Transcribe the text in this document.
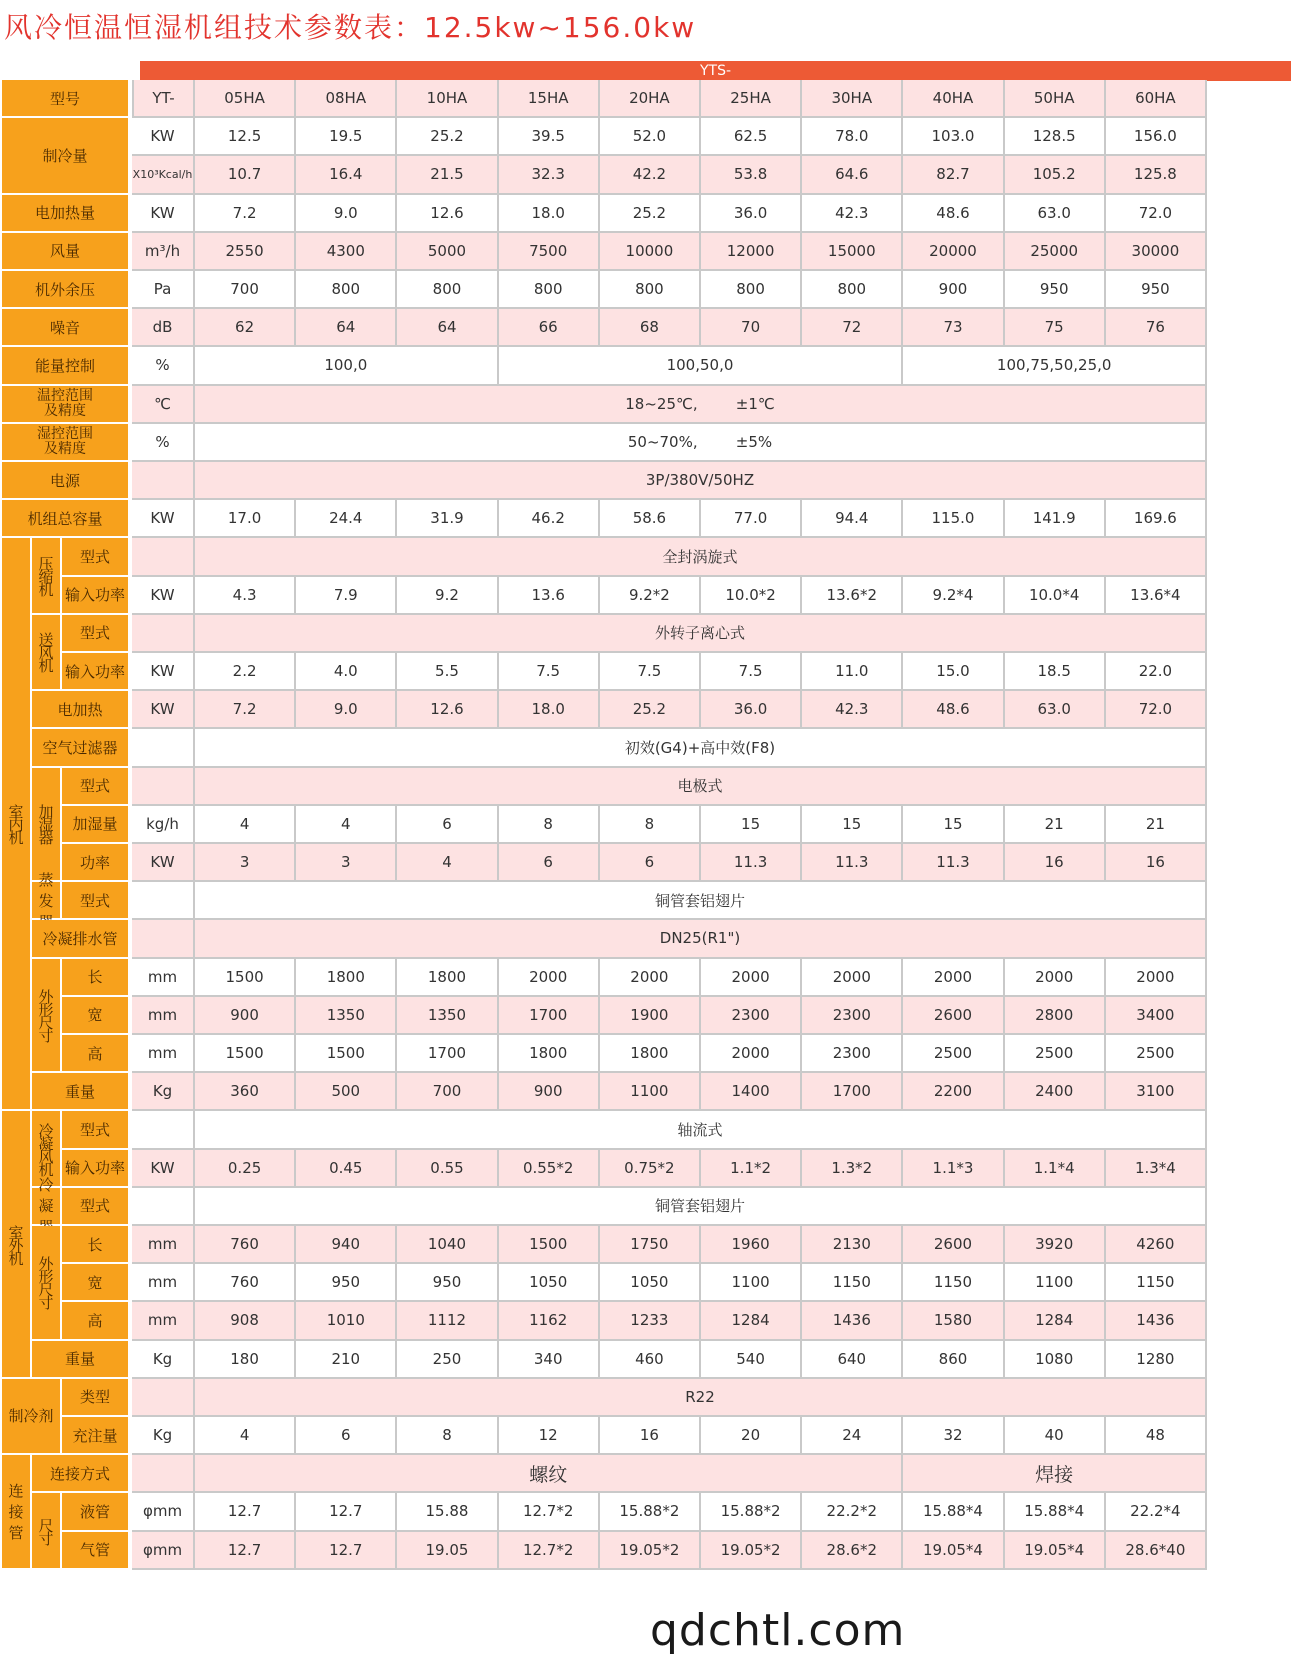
风冷恒温恒湿机组技术参数表：12.5kw~156.0kw
YTS-
型号	YT-	05HA	08HA	10HA	15HA	20HA	25HA	30HA	40HA	50HA	60HA
制冷量
KW	12.5	19.5	25.2	39.5	52.0	62.5	78.0	103.0	128.5	156.0
X10³Kcal/h	10.7	16.4	21.5	32.3	42.2	53.8	64.6	82.7	105.2	125.8
电加热量	KW	7.2	9.0	12.6	18.0	25.2	36.0	42.3	48.6	63.0	72.0
风量	m³/h	2550	4300	5000	7500	10000	12000	15000	20000	25000	30000
机外余压	Pa	700	800	800	800	800	800	800	900	950	950
噪音	dB	62	64	64	66	68	70	72	73	75	76
能量控制	%	100,0	100,50,0	100,75,50,25,0
温控范围
及精度	℃	18~25℃,        ±1℃
湿控范围
及精度	%	50~70%,        ±5%
电源	3P/380V/50HZ
机组总容量	KW	17.0	24.4	31.9	46.2	58.6	77.0	94.4	115.0	141.9	169.6
室内机
压缩机	型式	全封涡旋式
输入功率	KW	4.3	7.9	9.2	13.6	9.2*2	10.0*2	13.6*2	9.2*4	10.0*4	13.6*4
送风机	型式	外转子离心式
输入功率	KW	2.2	4.0	5.5	7.5	7.5	7.5	11.0	15.0	18.5	22.0
电加热	KW	7.2	9.0	12.6	18.0	25.2	36.0	42.3	48.6	63.0	72.0
空气过滤器	初效(G4)+高中效(F8)
加湿器
型式	电极式
加湿量	kg/h	4	4	6	8	8	15	15	15	21	21
功率	KW	3	3	4	6	6	11.3	11.3	11.3	16	16
发	型式	铜管套铝翅片
冷凝排水管	DN25(R1")
外形尺寸
长	mm	1500	1800	1800	2000	2000	2000	2000	2000	2000	2000
宽	mm	900	1350	1350	1700	1900	2300	2300	2600	2800	3400
高	mm	1500	1500	1700	1800	1800	2000	2300	2500	2500	2500
重量	Kg	360	500	700	900	1100	1400	1700	2200	2400	3100
室外机
冷凝风机	型式	轴流式
输入功率	KW	0.25	0.45	0.55	0.55*2	0.75*2	1.1*2	1.3*2	1.1*3	1.1*4	1.3*4
凝	型式	铜管套铝翅片
外形尺寸
长	mm	760	940	1040	1500	1750	1960	2130	2600	3920	4260
宽	mm	760	950	950	1050	1050	1100	1150	1150	1100	1150
高	mm	908	1010	1112	1162	1233	1284	1436	1580	1284	1436
重量	Kg	180	210	250	340	460	540	640	860	1080	1280
制冷剂
类型	R22
充注量	Kg	4	6	8	12	16	20	24	32	40	48
连接管
连接方式	螺纹	焊接
尺寸
液管	φmm	12.7	12.7	15.88	12.7*2	15.88*2	15.88*2	22.2*2	15.88*4	15.88*4	22.2*4
气管	φmm	12.7	12.7	19.05	12.7*2	19.05*2	19.05*2	28.6*2	19.05*4	19.05*4	28.6*40
qdchtl.com
